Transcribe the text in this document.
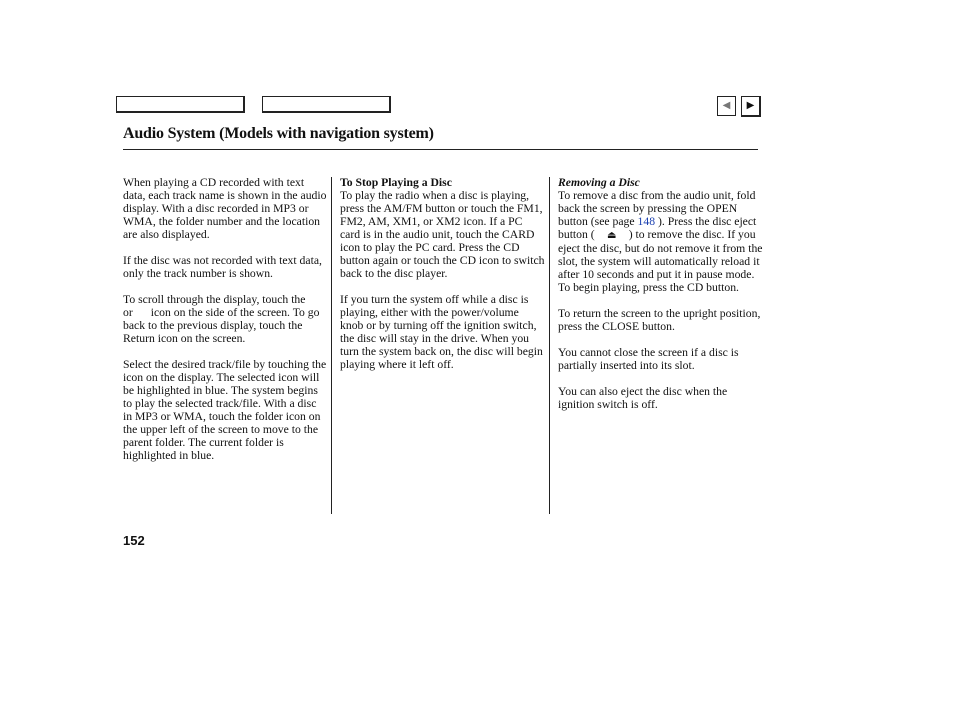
◀ ▶
Audio System (Models with navigation system)

When playing a CD recorded with text data, each track name is shown in the audio display. With a disc recorded in MP3 or WMA, the folder number and the location are also displayed.

If the disc was not recorded with text data, only the track number is shown.

To scroll through the display, touch theor icon on the side of the screen. To go back to the previous display, touch the Return icon on the screen.

Select the desired track/file by touching the icon on the display. The selected icon will be highlighted in blue. The system begins to play the selected track/file. With a disc in MP3 or WMA, touch the folder icon on the upper left of the screen to move to the parent folder. The current folder is highlighted in blue.

To Stop Playing a Disc

To play the radio when a disc is playing, press the AM/FM button or touch the FM1, FM2, AM, XM1, or XM2 icon. If a PC card is in the audio unit, touch the CARD icon to play the PC card. Press the CD button again or touch the CD icon to switch back to the disc player.

If you turn the system off while a disc is playing, either with the power/volume knob or by turning off the ignition switch, the disc will stay in the drive. When you turn the system back on, the disc will begin playing where it left off.

Removing a Disc

To remove a disc from the audio unit, fold back the screen by pressing the OPEN button (see page 148 ). Press the disc eject button ( ⏏ ) to remove the disc. If you eject the disc, but do not remove it from the slot, the system will automatically reload it after 10 seconds and put it in pause mode. To begin playing, press the CD button.

To return the screen to the upright position, press the CLOSE button.

You cannot close the screen if a disc is partially inserted into its slot.

You can also eject the disc when the ignition switch is off.

152
